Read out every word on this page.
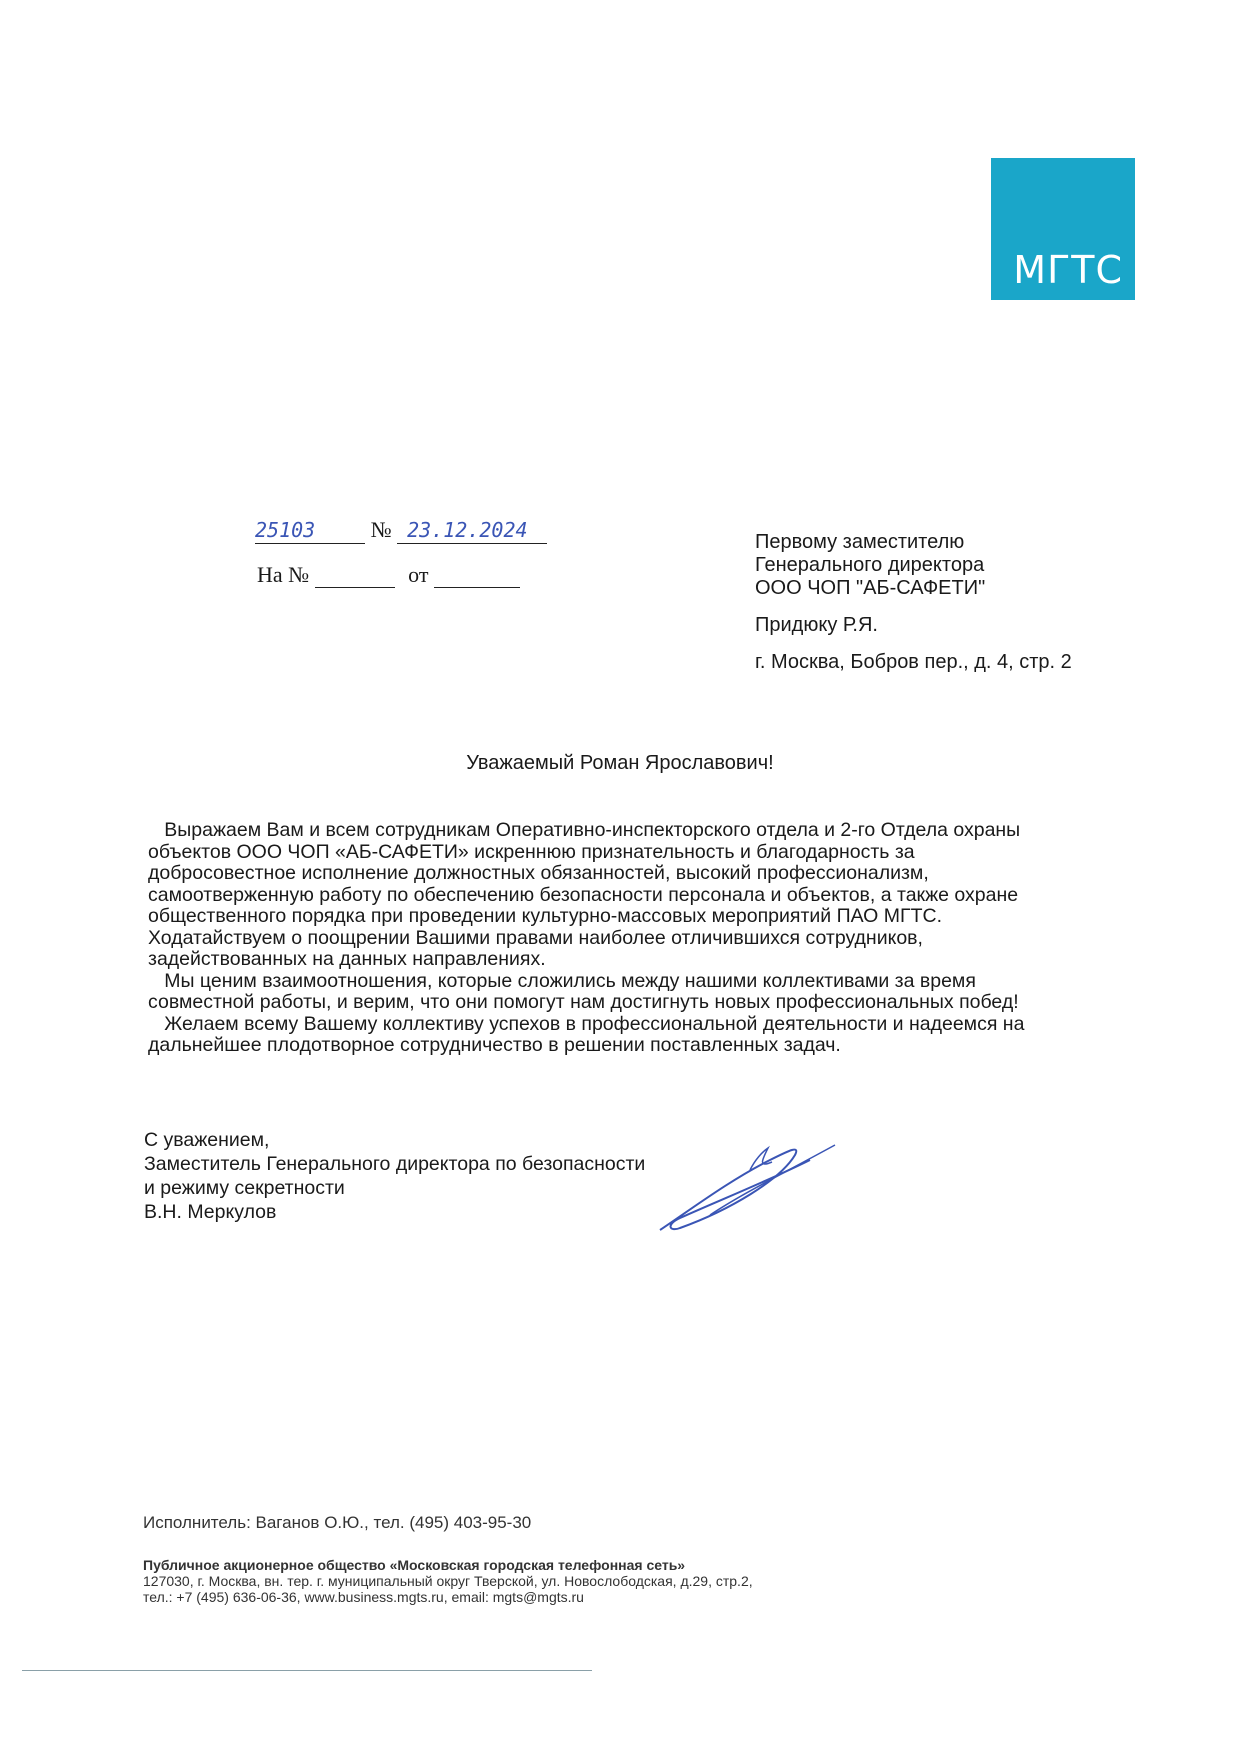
МГТС
25103	№ 23.12.2024
На №	от
Первому заместителю
Генерального директора
ООО ЧОП "АБ-САФЕТИ"
Придюку Р.Я.
г. Москва, Бобров пер., д. 4, стр. 2
Уважаемый Роман Ярославович!
Выражаем Вам и всем сотрудникам Оперативно-инспекторского отдела и 2-го Отдела охраны
объектов ООО ЧОП «АБ-САФЕТИ» искреннюю признательность и благодарность за
добросовестное исполнение должностных обязанностей, высокий профессионализм,
самоотверженную работу по обеспечению безопасности персонала и объектов, а также охране
общественного порядка при проведении культурно-массовых мероприятий ПАО МГТС.
Ходатайствуем о поощрении Вашими правами наиболее отличившихся сотрудников,
задействованных на данных направлениях.
Мы ценим взаимоотношения, которые сложились между нашими коллективами за время
совместной работы, и верим, что они помогут нам достигнуть новых профессиональных побед!
Желаем всему Вашему коллективу успехов в профессиональной деятельности и надеемся на
дальнейшее плодотворное сотрудничество в решении поставленных задач.
С уважением,
Заместитель Генерального директора по безопасности
и режиму секретности
В.Н. Меркулов
Исполнитель: Ваганов О.Ю., тел. (495) 403-95-30
Публичное акционерное общество «Московская городская телефонная сеть»
127030, г. Москва, вн. тер. г. муниципальный округ Тверской, ул. Новослободская, д.29, стр.2,
тел.: +7 (495) 636-06-36, www.business.mgts.ru, email: mgts@mgts.ru
